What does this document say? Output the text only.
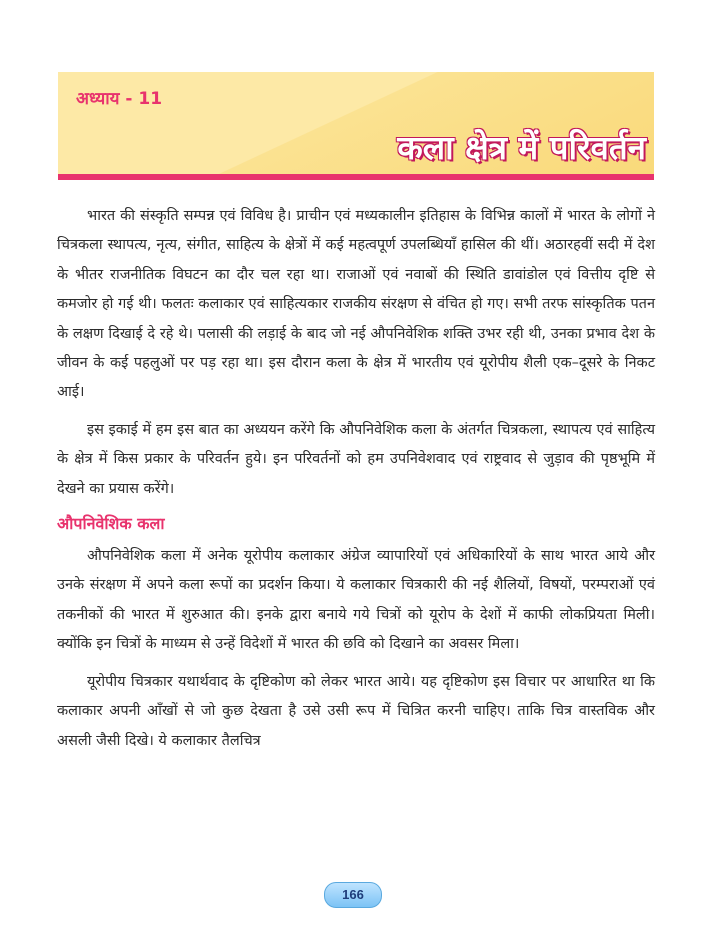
अध्याय - 11
कला क्षेत्र में परिवर्तन

भारत की संस्कृति सम्पन्न एवं विविध है। प्राचीन एवं मध्यकालीन इतिहास के विभिन्न कालों में भारत के लोगों ने चित्रकला स्थापत्य, नृत्य, संगीत, साहित्य के क्षेत्रों में कई महत्वपूर्ण उपलब्धियाँ हासिल की थीं। अठारहवीं सदी में देश के भीतर राजनीतिक विघटन का दौर चल रहा था। राजाओं एवं नवाबों की स्थिति डावांडोल एवं वित्तीय दृष्टि से कमजोर हो गई थी। फलतः कलाकार एवं साहित्यकार राजकीय संरक्षण से वंचित हो गए। सभी तरफ सांस्कृतिक पतन के लक्षण दिखाई दे रहे थे। पलासी की लड़ाई के बाद जो नई औपनिवेशिक शक्ति उभर रही थी, उनका प्रभाव देश के जीवन के कई पहलुओं पर पड़ रहा था। इस दौरान कला के क्षेत्र में भारतीय एवं यूरोपीय शैली एक–दूसरे के निकट आई।

इस इकाई में हम इस बात का अध्ययन करेंगे कि औपनिवेशिक कला के अंतर्गत चित्रकला, स्थापत्य एवं साहित्य के क्षेत्र में किस प्रकार के परिवर्तन हुये। इन परिवर्तनों को हम उपनिवेशवाद एवं राष्ट्रवाद से जुड़ाव की पृष्ठभूमि में देखने का प्रयास करेंगे।

औपनिवेशिक कला

औपनिवेशिक कला में अनेक यूरोपीय कलाकार अंग्रेज व्यापारियों एवं अधिकारियों के साथ भारत आये और उनके संरक्षण में अपने कला रूपों का प्रदर्शन किया। ये कलाकार चित्रकारी की नई शैलियों, विषयों, परम्पराओं एवं तकनीकों की भारत में शुरुआत की। इनके द्वारा बनाये गये चित्रों को यूरोप के देशों में काफी लोकप्रियता मिली। क्योंकि इन चित्रों के माध्यम से उन्हें विदेशों में भारत की छवि को दिखाने का अवसर मिला।

यूरोपीय चित्रकार यथार्थवाद के दृष्टिकोण को लेकर भारत आये। यह दृष्टिकोण इस विचार पर आधारित था कि कलाकार अपनी आँखों से जो कुछ देखता है उसे उसी रूप में चित्रित करनी चाहिए। ताकि चित्र वास्तविक और असली जैसी दिखे। ये कलाकार तैलचित्र

166
